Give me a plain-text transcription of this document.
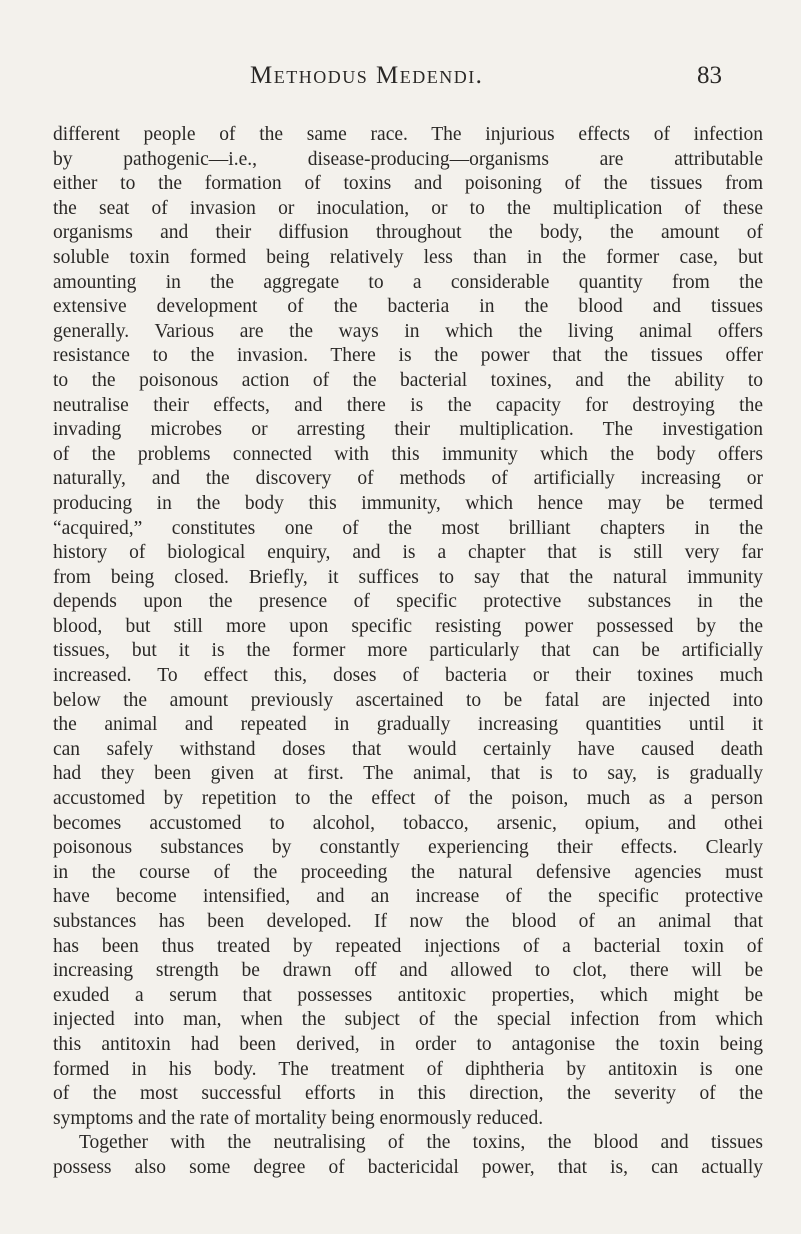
Methodus Medendi.	83
different people of the same race. The injurious effects of infection
by pathogenic—i.e., disease-producing—organisms are attributable
either to the formation of toxins and poisoning of the tissues from
the seat of invasion or inoculation, or to the multiplication of these
organisms and their diffusion throughout the body, the amount of
soluble toxin formed being relatively less than in the former case, but
amounting in the aggregate to a considerable quantity from the
extensive development of the bacteria in the blood and tissues
generally. Various are the ways in which the living animal offers
resistance to the invasion. There is the power that the tissues offer
to the poisonous action of the bacterial toxines, and the ability to
neutralise their effects, and there is the capacity for destroying the
invading microbes or arresting their multiplication. The investigation
of the problems connected with this immunity which the body offers
naturally, and the discovery of methods of artificially increasing or
producing in the body this immunity, which hence may be termed
“acquired,” constitutes one of the most brilliant chapters in the
history of biological enquiry, and is a chapter that is still very far
from being closed. Briefly, it suffices to say that the natural immunity
depends upon the presence of specific protective substances in the
blood, but still more upon specific resisting power possessed by the
tissues, but it is the former more particularly that can be artificially
increased. To effect this, doses of bacteria or their toxines much
below the amount previously ascertained to be fatal are injected into
the animal and repeated in gradually increasing quantities until it
can safely withstand doses that would certainly have caused death
had they been given at first. The animal, that is to say, is gradually
accustomed by repetition to the effect of the poison, much as a person
becomes accustomed to alcohol, tobacco, arsenic, opium, and othei
poisonous substances by constantly experiencing their effects. Clearly
in the course of the proceeding the natural defensive agencies must
have become intensified, and an increase of the specific protective
substances has been developed. If now the blood of an animal that
has been thus treated by repeated injections of a bacterial toxin of
increasing strength be drawn off and allowed to clot, there will be
exuded a serum that possesses antitoxic properties, which might be
injected into man, when the subject of the special infection from which
this antitoxin had been derived, in order to antagonise the toxin being
formed in his body. The treatment of diphtheria by antitoxin is one
of the most successful efforts in this direction, the severity of the
symptoms and the rate of mortality being enormously reduced.
Together with the neutralising of the toxins, the blood and tissues
possess also some degree of bactericidal power, that is, can actually
